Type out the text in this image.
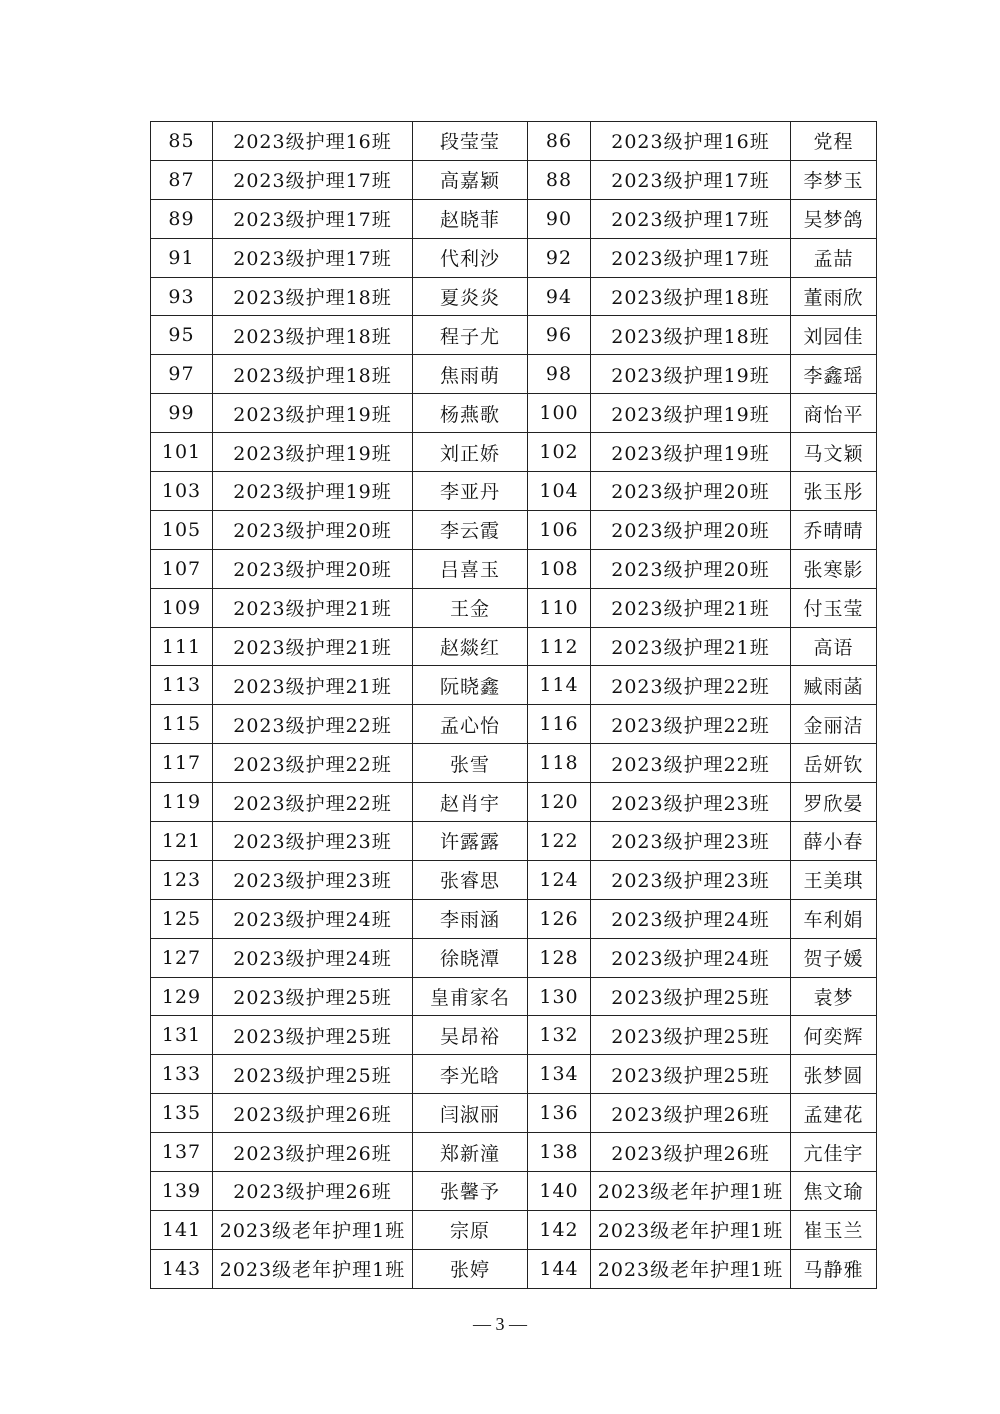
85	2023级护理16班	段莹莹	86	2023级护理16班	党程
87	2023级护理17班	高嘉颖	88	2023级护理17班	李梦玉
89	2023级护理17班	赵晓菲	90	2023级护理17班	吴梦鸽
91	2023级护理17班	代利沙	92	2023级护理17班	孟喆
93	2023级护理18班	夏炎炎	94	2023级护理18班	董雨欣
95	2023级护理18班	程子尤	96	2023级护理18班	刘园佳
97	2023级护理18班	焦雨萌	98	2023级护理19班	李鑫瑶
99	2023级护理19班	杨燕歌	100	2023级护理19班	商怡平
101	2023级护理19班	刘正娇	102	2023级护理19班	马文颖
103	2023级护理19班	李亚丹	104	2023级护理20班	张玉彤
105	2023级护理20班	李云霞	106	2023级护理20班	乔晴晴
107	2023级护理20班	吕喜玉	108	2023级护理20班	张寒影
109	2023级护理21班	王金	110	2023级护理21班	付玉莹
111	2023级护理21班	赵燚红	112	2023级护理21班	高语
113	2023级护理21班	阮晓鑫	114	2023级护理22班	臧雨菡
115	2023级护理22班	孟心怡	116	2023级护理22班	金丽洁
117	2023级护理22班	张雪	118	2023级护理22班	岳妍钦
119	2023级护理22班	赵肖宇	120	2023级护理23班	罗欣晏
121	2023级护理23班	许露露	122	2023级护理23班	薛小春
123	2023级护理23班	张睿思	124	2023级护理23班	王美琪
125	2023级护理24班	李雨涵	126	2023级护理24班	车利娟
127	2023级护理24班	徐晓潭	128	2023级护理24班	贺子媛
129	2023级护理25班	皇甫家名	130	2023级护理25班	袁梦
131	2023级护理25班	吴昂裕	132	2023级护理25班	何奕辉
133	2023级护理25班	李光晗	134	2023级护理25班	张梦圆
135	2023级护理26班	闫淑丽	136	2023级护理26班	孟建花
137	2023级护理26班	郑新潼	138	2023级护理26班	亢佳宇
139	2023级护理26班	张馨予	140	2023级老年护理1班	焦文瑜
141	2023级老年护理1班	宗原	142	2023级老年护理1班	崔玉兰
143	2023级老年护理1班	张婷	144	2023级老年护理1班	马静雅
— 3 —
